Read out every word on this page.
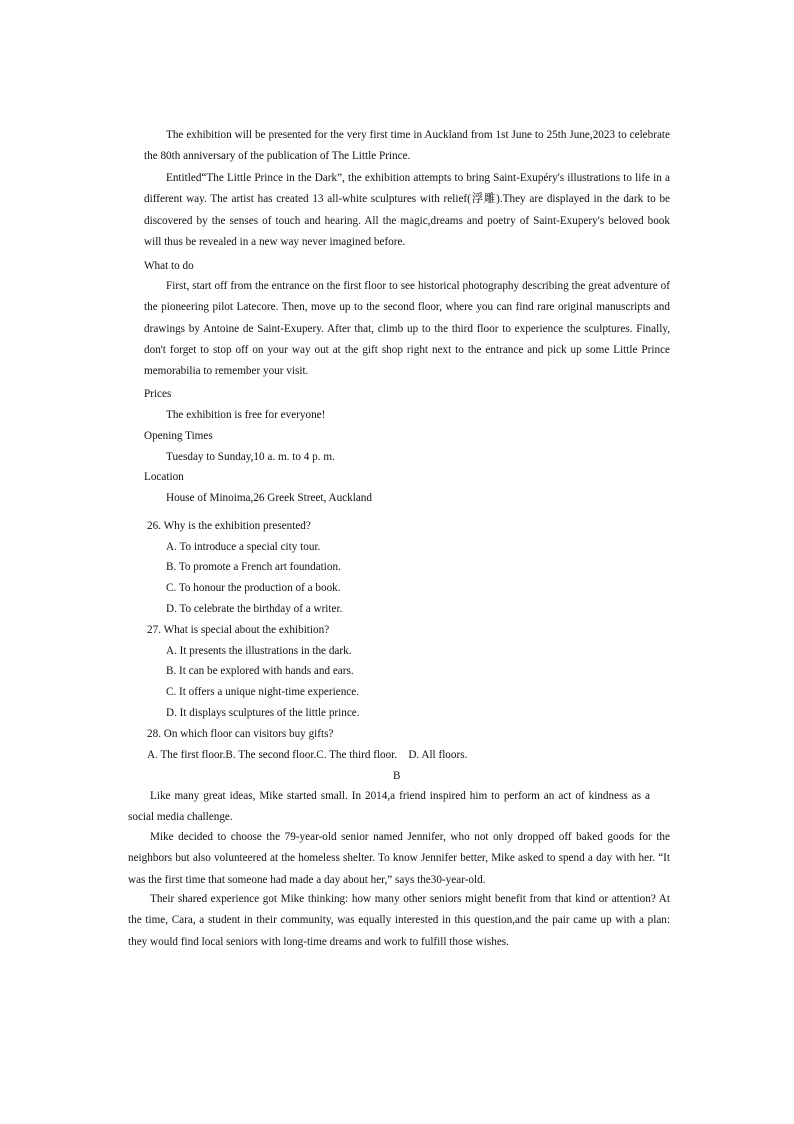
The exhibition will be presented for the very first time in Auckland from 1st June to 25th June,2023 to celebrate the 80th anniversary of the publication of The Little Prince.
Entitled“The Little Prince in the Dark”, the exhibition attempts to bring Saint-Exupéry's illustrations to life in a different way. The artist has created 13 all-white sculptures with relief(浮雕).They are displayed in the dark to be discovered by the senses of touch and hearing. All the magic,dreams and poetry of Saint-Exupery's beloved book will thus be revealed in a new way never imagined before.
What to do
First, start off from the entrance on the first floor to see historical photography describing the great adventure of the pioneering pilot Latecore. Then, move up to the second floor, where you can find rare original manuscripts and drawings by Antoine de Saint-Exupery. After that, climb up to the third floor to experience the sculptures. Finally, don't forget to stop off on your way out at the gift shop right next to the entrance and pick up some Little Prince memorabilia to remember your visit.
Prices
The exhibition is free for everyone!
Opening Times
Tuesday to Sunday,10 a. m. to 4 p. m.
Location
House of Minoima,26 Greek Street, Auckland
26. Why is the exhibition presented?
A. To introduce a special city tour.
B. To promote a French art foundation.
C. To honour the production of a book.
D. To celebrate the birthday of a writer.
27. What is special about the exhibition?
A. It presents the illustrations in the dark.
B. It can be explored with hands and ears.
C. It offers a unique night-time experience.
D. It displays sculptures of the little prince.
28. On which floor can visitors buy gifts?
A. The first floor.B. The second floor.C. The third floor.    D. All floors.
B
Like many great ideas, Mike started small. In 2014,a friend inspired him to perform an act of kindness as a social media challenge.
Mike decided to choose the 79-year-old senior named Jennifer, who not only dropped off baked goods for the neighbors but also volunteered at the homeless shelter. To know Jennifer better, Mike asked to spend a day with her. “It was the first time that someone had made a day about her,” says the30-year-old.
Their shared experience got Mike thinking: how many other seniors might benefit from that kind or attention? At the time, Cara, a student in their community, was equally interested in this question,and the pair came up with a plan: they would find local seniors with long-time dreams and work to fulfill those wishes.
